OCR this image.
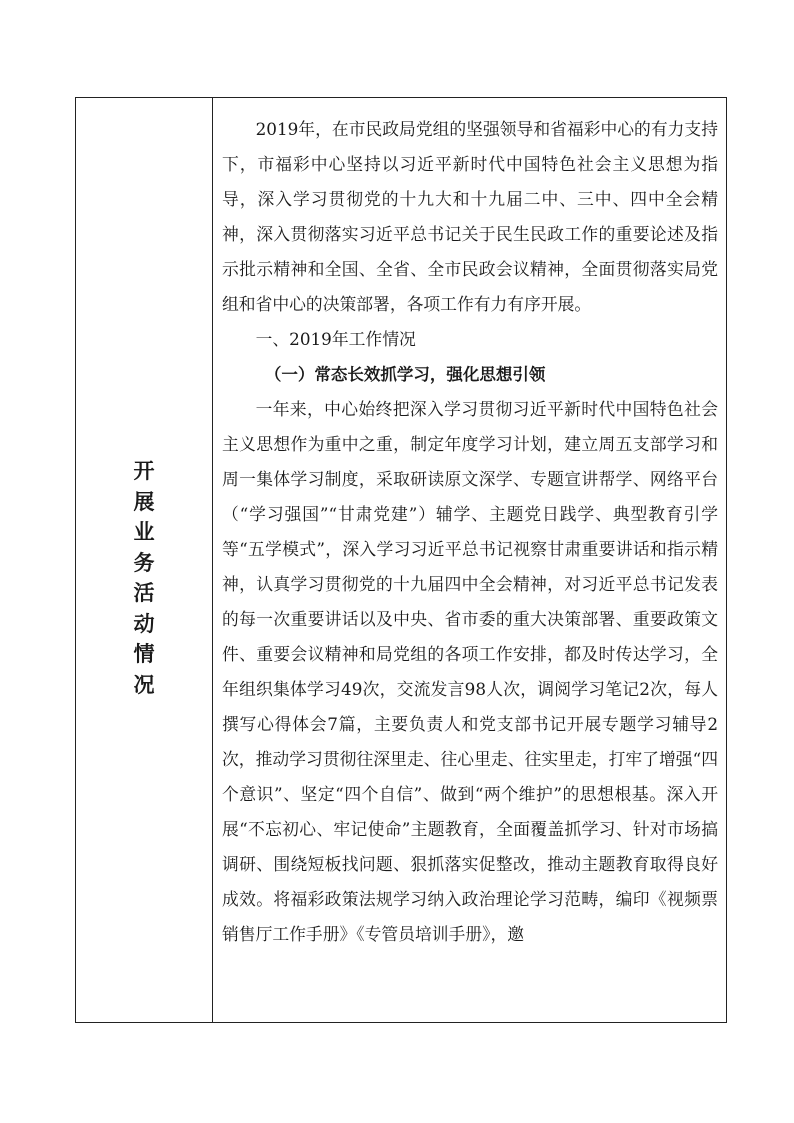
开
展
业
务
活
动
情
况

2019年，在市民政局党组的坚强领导和省福彩中心的有力支持下，市福彩中心坚持以习近平新时代中国特色社会主义思想为指导，深入学习贯彻党的十九大和十九届二中、三中、四中全会精神，深入贯彻落实习近平总书记关于民生民政工作的重要论述及指示批示精神和全国、全省、全市民政会议精神，全面贯彻落实局党组和省中心的决策部署，各项工作有力有序开展。

一、2019年工作情况

（一）常态长效抓学习，强化思想引领

一年来，中心始终把深入学习贯彻习近平新时代中国特色社会主义思想作为重中之重，制定年度学习计划，建立周五支部学习和周一集体学习制度，采取研读原文深学、专题宣讲帮学、网络平台（“学习强国”“甘肃党建”）辅学、主题党日践学、典型教育引学等“五学模式”，深入学习习近平总书记视察甘肃重要讲话和指示精神，认真学习贯彻党的十九届四中全会精神，对习近平总书记发表的每一次重要讲话以及中央、省市委的重大决策部署、重要政策文件、重要会议精神和局党组的各项工作安排，都及时传达学习，全年组织集体学习49次，交流发言98人次，调阅学习笔记2次，每人撰写心得体会7篇，主要负责人和党支部书记开展专题学习辅导2次，推动学习贯彻往深里走、往心里走、往实里走，打牢了增强“四个意识”、坚定“四个自信”、做到“两个维护”的思想根基。深入开展“不忘初心、牢记使命”主题教育，全面覆盖抓学习、针对市场搞调研、围绕短板找问题、狠抓落实促整改，推动主题教育取得良好成效。将福彩政策法规学习纳入政治理论学习范畴，编印《视频票销售厅工作手册》《专管员培训手册》，邀
